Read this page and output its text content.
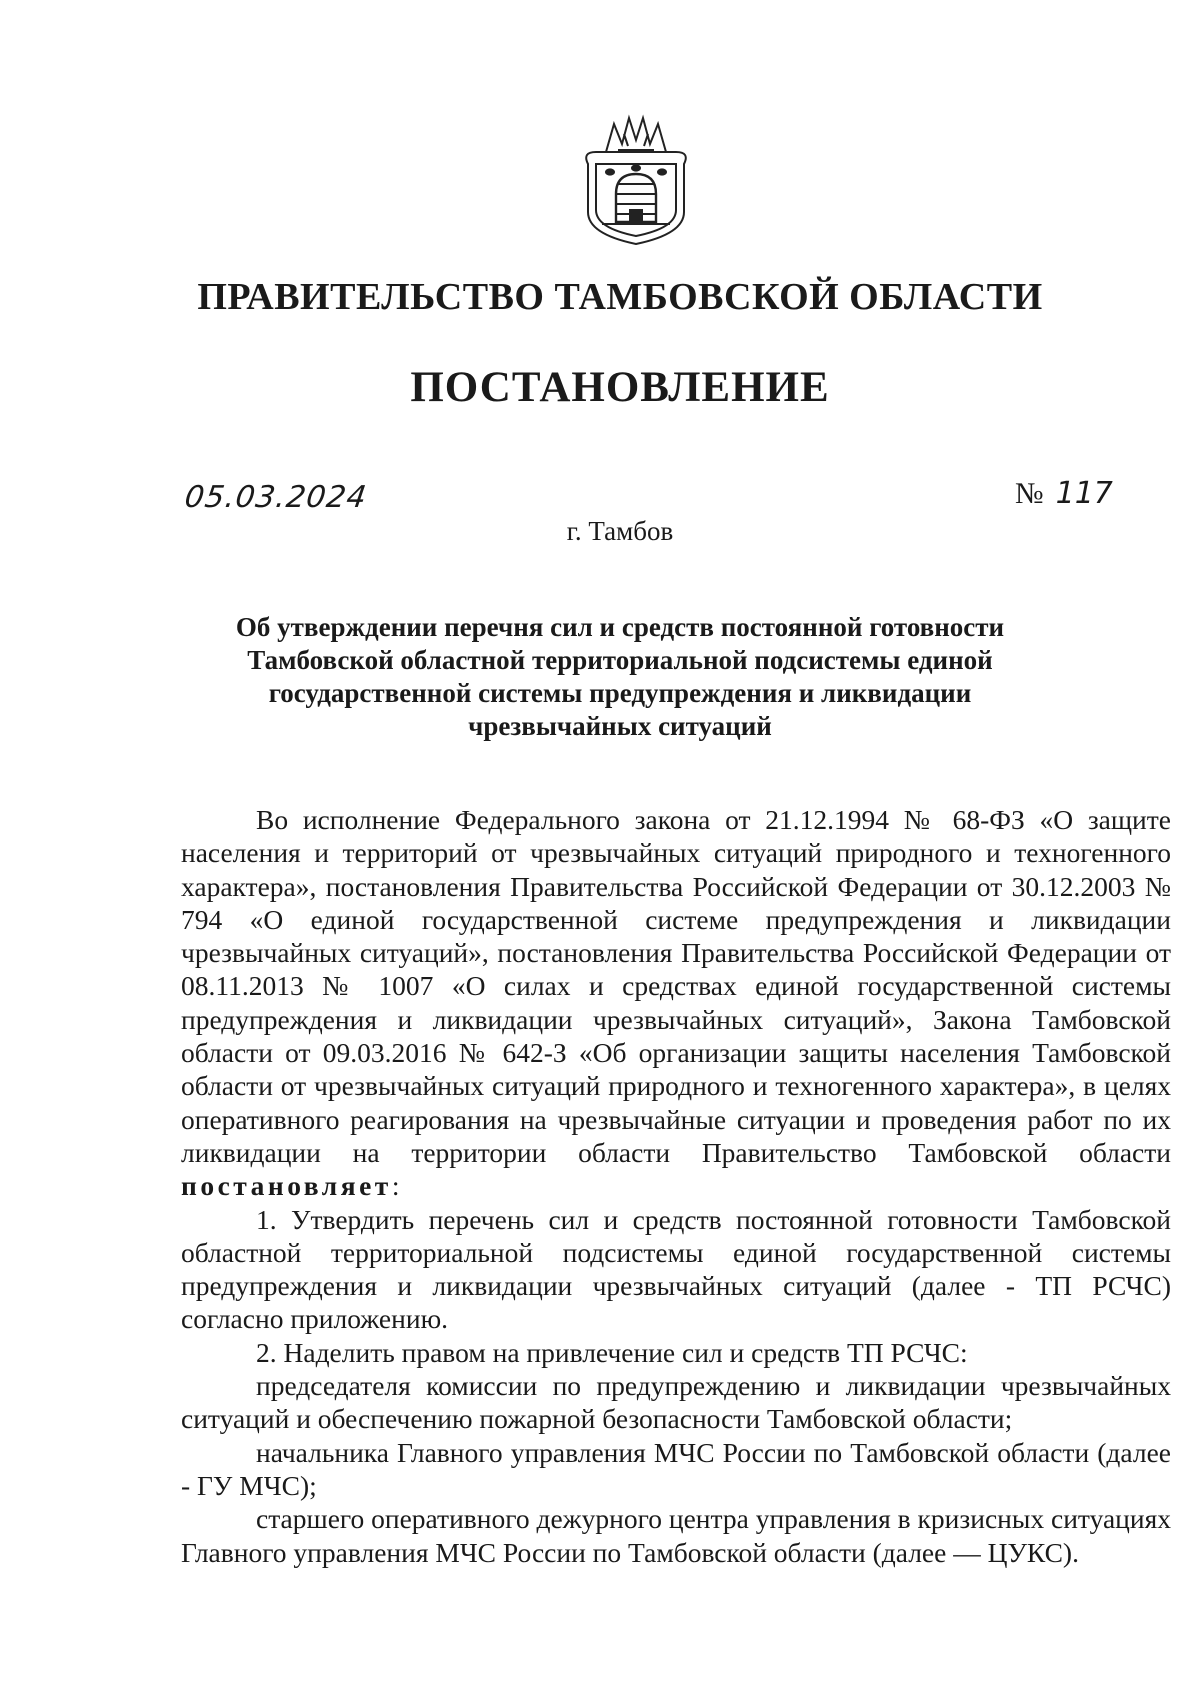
ПРАВИТЕЛЬСТВО ТАМБОВСКОЙ ОБЛАСТИ
ПОСТАНОВЛЕНИЕ
05.03.2024	№ 117
г. Тамбов
Об утверждении перечня сил и средств постоянной готовности
Тамбовской областной территориальной подсистемы единой
государственной системы предупреждения и ликвидации
чрезвычайных ситуаций

Во исполнение Федерального закона от 21.12.1994 № 68-ФЗ «О защите населения и территорий от чрезвычайных ситуаций природного и техногенного характера», постановления Правительства Российской Федерации от 30.12.2003 № 794 «О единой государственной системе предупреждения и ликвидации чрезвычайных ситуаций», постановления Правительства Российской Федерации от 08.11.2013 № 1007 «О силах и средствах единой государственной системы предупреждения и ликвидации чрезвычайных ситуаций», Закона Тамбовской области от 09.03.2016 № 642-З «Об организации защиты населения Тамбовской области от чрезвычайных ситуаций природного и техногенного характера», в целях оперативного реагирования на чрезвычайные ситуации и проведения работ по их ликвидации на территории области Правительство Тамбовской области постановляет:

1. Утвердить перечень сил и средств постоянной готовности Тамбовской областной территориальной подсистемы единой государственной системы предупреждения и ликвидации чрезвычайных ситуаций (далее - ТП РСЧС) согласно приложению.

2. Наделить правом на привлечение сил и средств ТП РСЧС:

председателя комиссии по предупреждению и ликвидации чрезвычайных ситуаций и обеспечению пожарной безопасности Тамбовской области;

начальника Главного управления МЧС России по Тамбовской области (далее - ГУ МЧС);

старшего оперативного дежурного центра управления в кризисных ситуациях Главного управления МЧС России по Тамбовской области (далее — ЦУКС).
